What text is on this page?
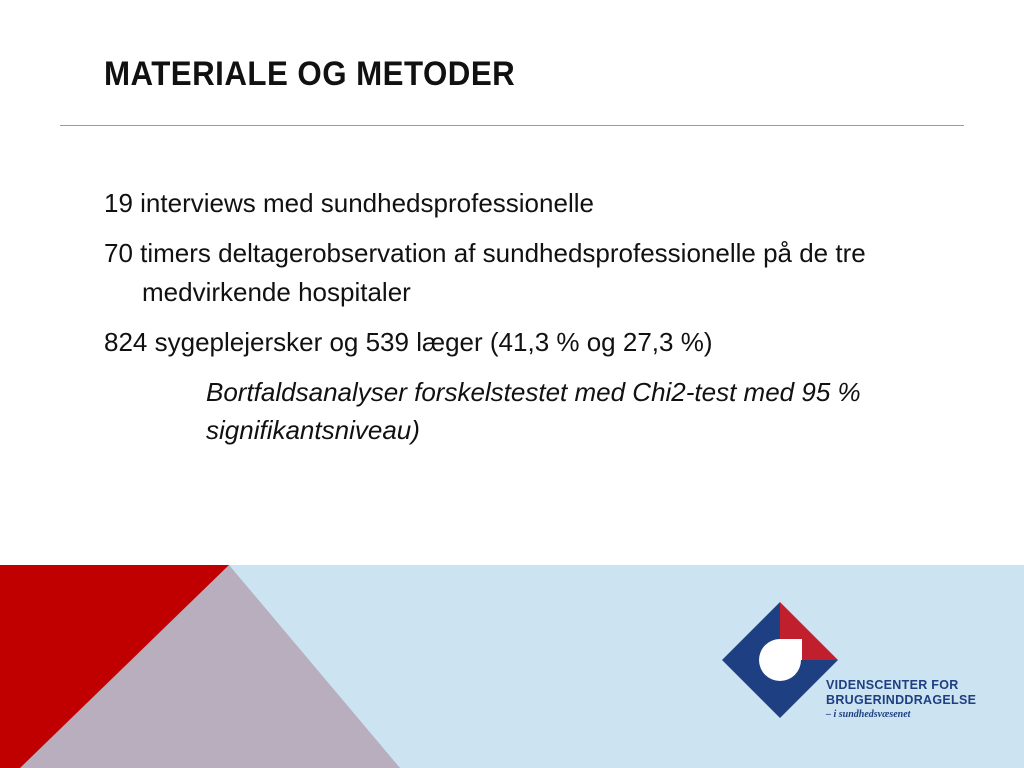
MATERIALE OG METODER

19 interviews med sundhedsprofessionelle

70 timers deltagerobservation af sundhedsprofessionelle på de tre medvirkende hospitaler

824 sygeplejersker og 539 læger (41,3 % og 27,3 %)

Bortfaldsanalyser forskelstestet med Chi2-test med 95 % signifikantsniveau)

VIDENSCENTER FOR
BRUGERINDDRAGELSE
– i sundhedsvæsenet
